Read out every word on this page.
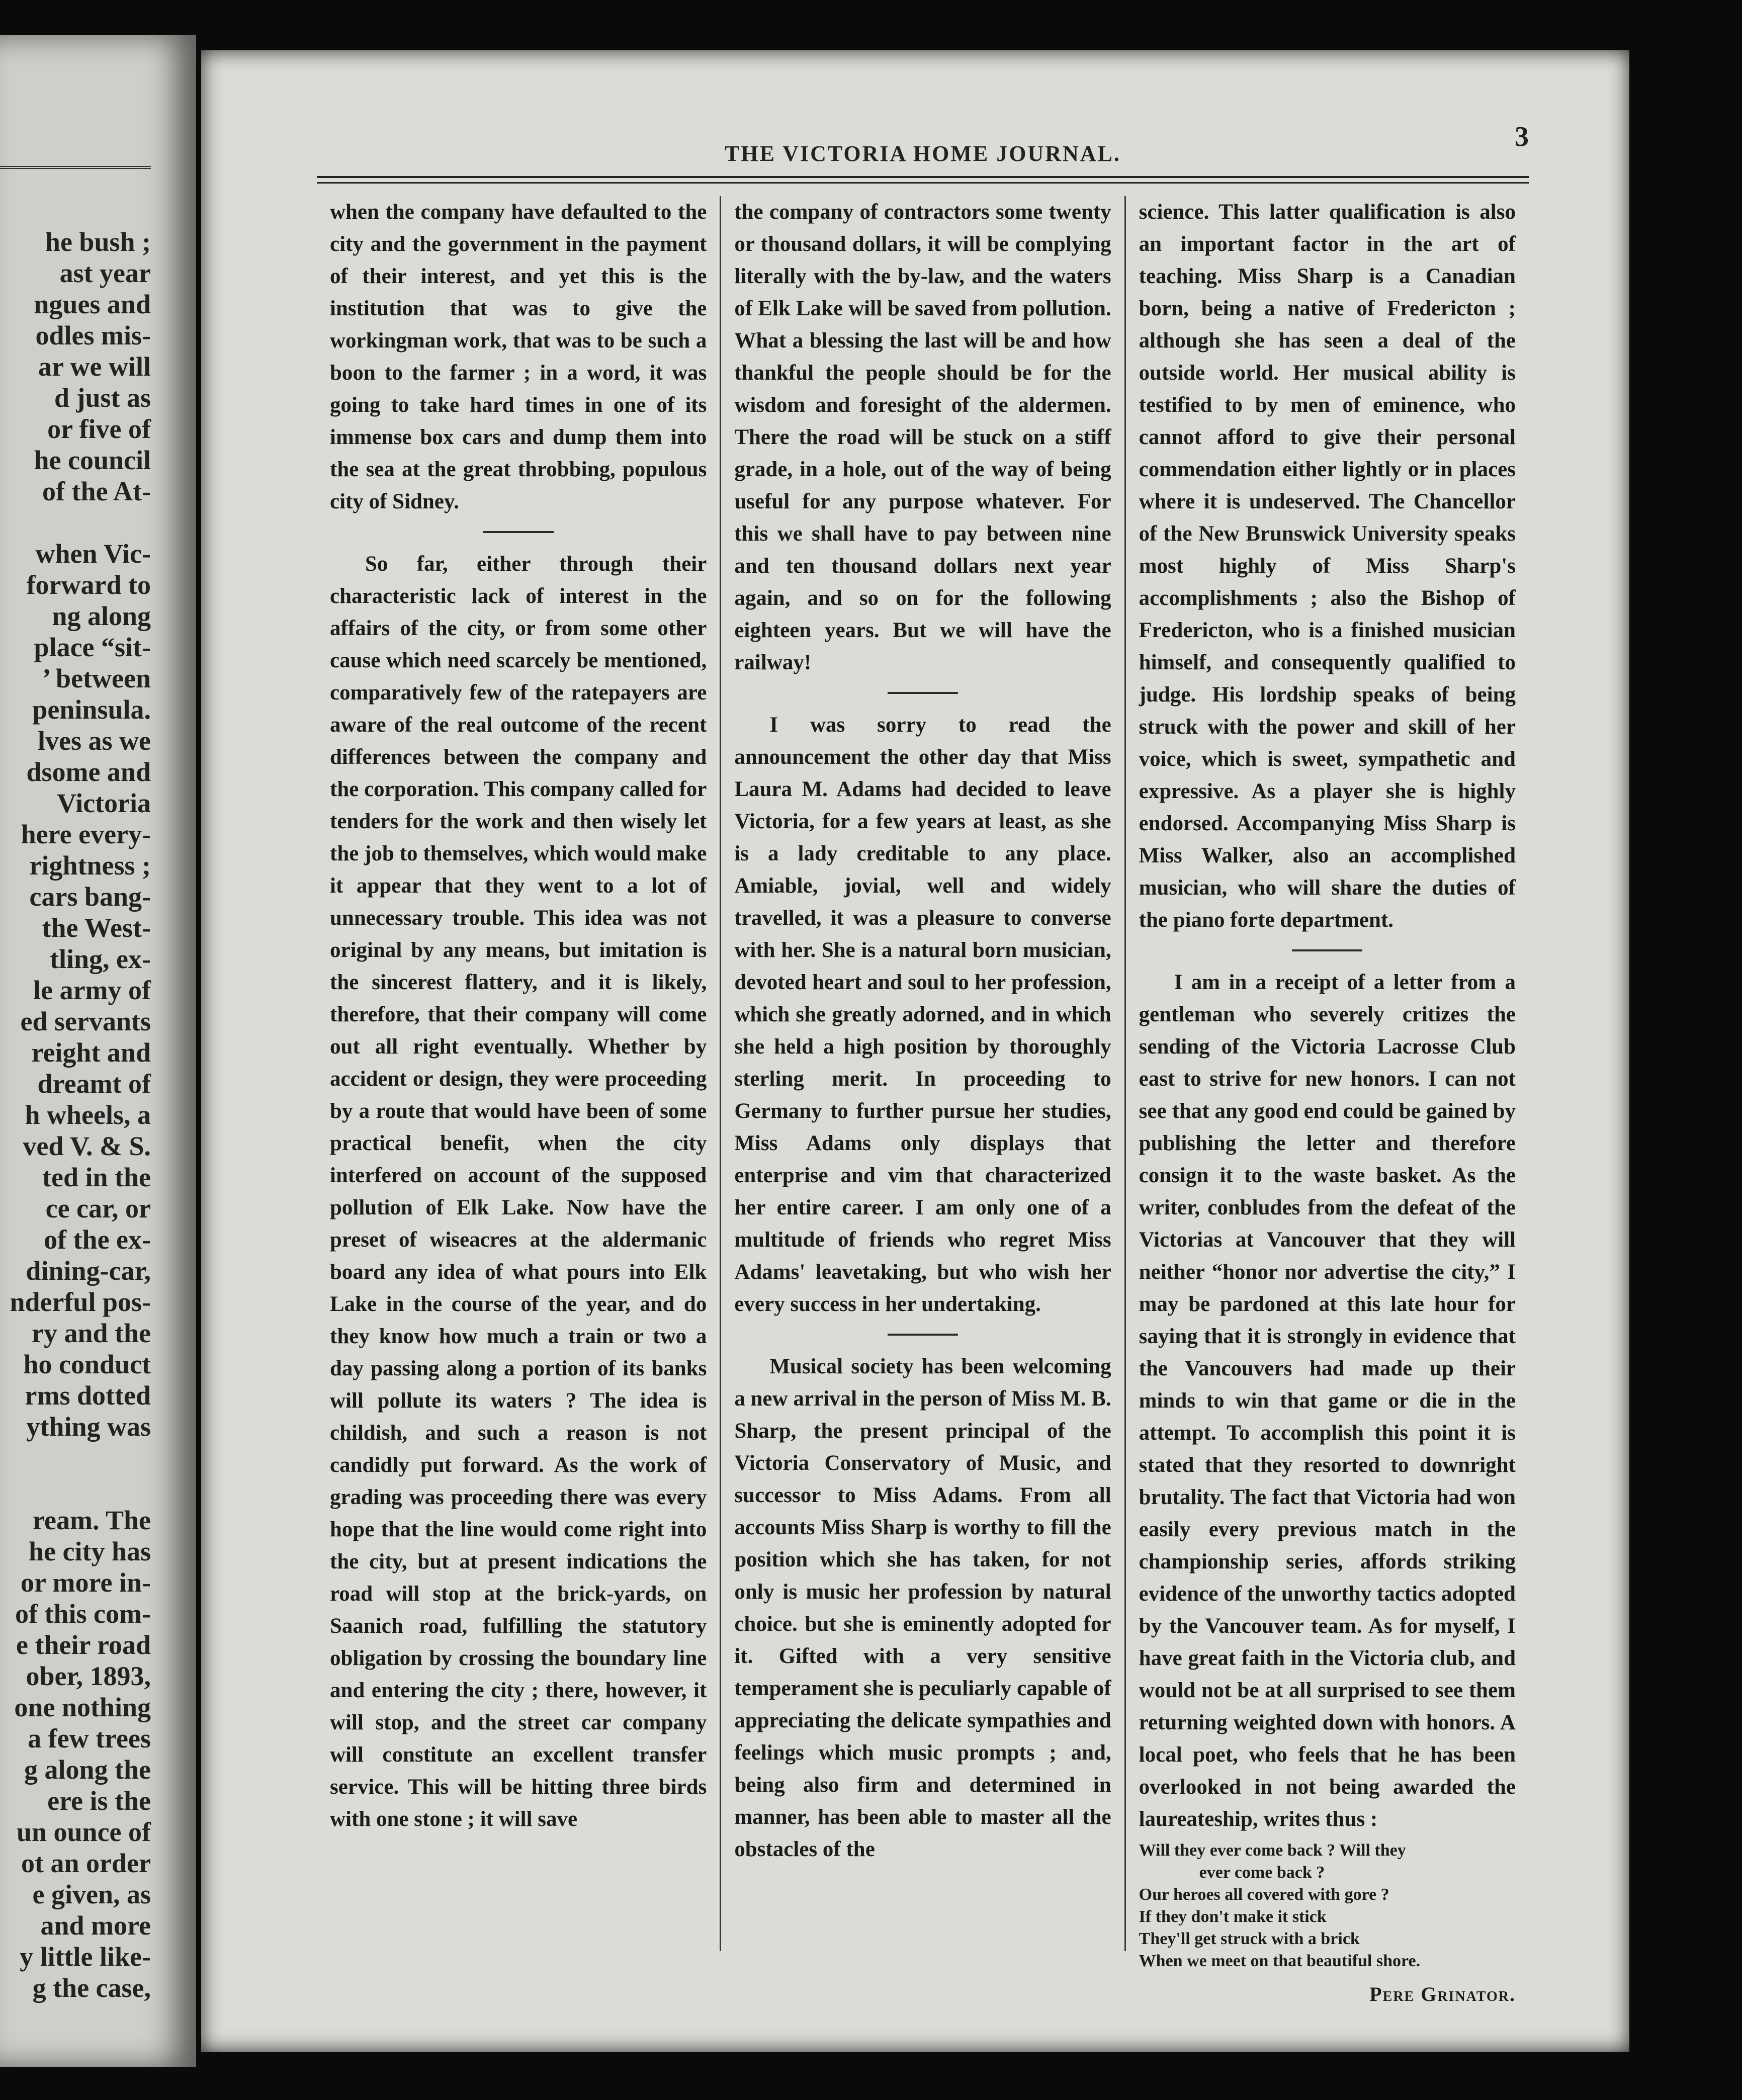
he bush ;
ast year
ngues and
odles mis-
ar we will
d just as
or five of
he council
of the At-

when Vic-
forward to
ng along
place “sit-
’ between
peninsula.
lves as we
dsome and
Victoria
here every-
rightness ;
cars bang-
the West-
tling, ex-
le army of
ed servants
reight and
dreamt of
h wheels, a
ved V. & S.
ted in the
ce car, or
of the ex-
dining-car,
nderful pos-
ry and the
ho conduct
rms dotted
ything was

ream. The
he city has
or more in-
of this com-
e their road
ober, 1893,
one nothing
a few trees
g along the
ere is the
un ounce of
ot an order
e given, as
and more
y little like-
g the case,
THE VICTORIA HOME JOURNAL.
3

when the company have defaulted to the city and the government in the payment of their interest, and yet this is the institution that was to give the workingman work, that was to be such a boon to the farmer ; in a word, it was going to take hard times in one of its immense box cars and dump them into the sea at the great throbbing, populous city of Sidney.

So far, either through their characteristic lack of interest in the affairs of the city, or from some other cause which need scarcely be mentioned, comparatively few of the ratepayers are aware of the real outcome of the recent differences between the company and the corporation. This company called for tenders for the work and then wisely let the job to themselves, which would make it appear that they went to a lot of unnecessary trouble. This idea was not original by any means, but imitation is the sincerest flattery, and it is likely, therefore, that their company will come out all right eventually. Whether by accident or design, they were proceeding by a route that would have been of some practical benefit, when the city interfered on account of the supposed pollution of Elk Lake. Now have the preset of wiseacres at the aldermanic board any idea of what pours into Elk Lake in the course of the year, and do they know how much a train or two a day passing along a portion of its banks will pollute its waters ? The idea is childish, and such a reason is not candidly put forward. As the work of grading was proceeding there was every hope that the line would come right into the city, but at present indications the road will stop at the brick-yards, on Saanich road, fulfilling the statutory obligation by crossing the boundary line and entering the city ; there, however, it will stop, and the street car company will constitute an excellent transfer service. This will be hitting three birds with one stone ; it will save

the company of contractors some twenty or thousand dollars, it will be complying literally with the by-law, and the waters of Elk Lake will be saved from pollution. What a blessing the last will be and how thankful the people should be for the wisdom and foresight of the aldermen. There the road will be stuck on a stiff grade, in a hole, out of the way of being useful for any purpose whatever. For this we shall have to pay between nine and ten thousand dollars next year again, and so on for the following eighteen years. But we will have the railway!

I was sorry to read the announcement the other day that Miss Laura M. Adams had decided to leave Victoria, for a few years at least, as she is a lady creditable to any place. Amiable, jovial, well and widely travelled, it was a pleasure to converse with her. She is a natural born musician, devoted heart and soul to her profession, which she greatly adorned, and in which she held a high position by thoroughly sterling merit. In proceeding to Germany to further pursue her studies, Miss Adams only displays that enterprise and vim that characterized her entire career. I am only one of a multitude of friends who regret Miss Adams' leavetaking, but who wish her every success in her undertaking.

Musical society has been welcoming a new arrival in the person of Miss M. B. Sharp, the present principal of the Victoria Conservatory of Music, and successor to Miss Adams. From all accounts Miss Sharp is worthy to fill the position which she has taken, for not only is music her profession by natural choice. but she is eminently adopted for it. Gifted with a very sensitive temperament she is peculiarly capable of appreciating the delicate sympathies and feelings which music prompts ; and, being also firm and determined in manner, has been able to master all the obstacles of the

science. This latter qualification is also an important factor in the art of teaching. Miss Sharp is a Canadian born, being a native of Fredericton ; although she has seen a deal of the outside world. Her musical ability is testified to by men of eminence, who cannot afford to give their personal commendation either lightly or in places where it is undeserved. The Chancellor of the New Brunswick University speaks most highly of Miss Sharp's accomplishments ; also the Bishop of Fredericton, who is a finished musician himself, and consequently qualified to judge. His lordship speaks of being struck with the power and skill of her voice, which is sweet, sympathetic and expressive. As a player she is highly endorsed. Accompanying Miss Sharp is Miss Walker, also an accomplished musician, who will share the duties of the piano forte department.

I am in a receipt of a letter from a gentleman who severely critizes the sending of the Victoria Lacrosse Club east to strive for new honors. I can not see that any good end could be gained by publishing the letter and therefore consign it to the waste basket. As the writer, conbludes from the defeat of the Victorias at Vancouver that they will neither “honor nor advertise the city,” I may be pardoned at this late hour for saying that it is strongly in evidence that the Vancouvers had made up their minds to win that game or die in the attempt. To accomplish this point it is stated that they resorted to downright brutality. The fact that Victoria had won easily every previous match in the championship series, affords striking evidence of the unworthy tactics adopted by the Vancouver team. As for myself, I have great faith in the Victoria club, and would not be at all surprised to see them returning weighted down with honors. A local poet, who feels that he has been overlooked in not being awarded the laureateship, writes thus :

Will they ever come back ? Will they
ever come back ?
Our heroes all covered with gore ?
If they don't make it stick
They'll get struck with a brick
When we meet on that beautiful shore.
Pere Grinator.
